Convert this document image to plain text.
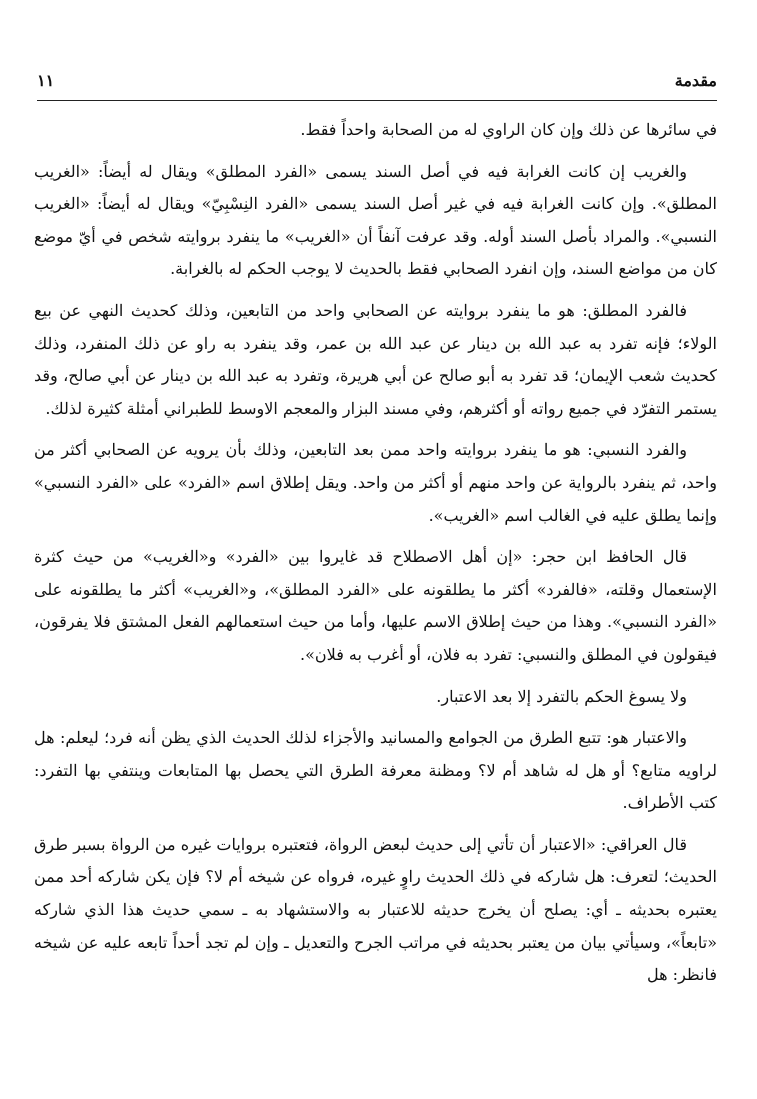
مقدمة
١١

في سائرها عن ذلك وإن كان الراوي له من الصحابة واحداً فقط.

والغريب إن كانت الغرابة فيه في أصل السند يسمى «الفرد المطلق» ويقال له أيضاً: «الغريب المطلق». وإن كانت الغرابة فيه في غير أصل السند يسمى «الفرد النِسْبِيّ» ويقال له أيضاً: «الغريب النسبي». والمراد بأصل السند أوله. وقد عرفت آنفاً أن «الغريب» ما ينفرد بروايته شخص في أيّ موضع كان من مواضع السند، وإن انفرد الصحابي فقط بالحديث لا يوجب الحكم له بالغرابة.

فالفرد المطلق: هو ما ينفرد بروايته عن الصحابي واحد من التابعين، وذلك كحديث النهي عن بيع الولاء؛ فإنه تفرد به عبد الله بن دينار عن عبد الله بن عمر، وقد ينفرد به راو عن ذلك المنفرد، وذلك كحديث شعب الإيمان؛ قد تفرد به أبو صالح عن أبي هريرة، وتفرد به عبد الله بن دينار عن أبي صالح، وقد يستمر التفرّد في جميع رواته أو أكثرهم، وفي مسند البزار والمعجم الاوسط للطبراني أمثلة كثيرة لذلك.

والفرد النسبي: هو ما ينفرد بروايته واحد ممن بعد التابعين، وذلك بأن يرويه عن الصحابي أكثر من واحد، ثم ينفرد بالرواية عن واحد منهم أو أكثر من واحد. ويقل إطلاق اسم «الفرد» على «الفرد النسبي» وإنما يطلق عليه في الغالب اسم «الغريب».

قال الحافظ ابن حجر: «إن أهل الاصطلاح قد غايروا بين «الفرد» و«الغريب» من حيث كثرة الإستعمال وقلته، «فالفرد» أكثر ما يطلقونه على «الفرد المطلق»، و«الغريب» أكثر ما يطلقونه على «الفرد النسبي». وهذا من حيث إطلاق الاسم عليها، وأما من حيث استعمالهم الفعل المشتق فلا يفرقون، فيقولون في المطلق والنسبي: تفرد به فلان، أو أغرب به فلان».

ولا يسوغ الحكم بالتفرد إلا بعد الاعتبار.

والاعتبار هو: تتبع الطرق من الجوامع والمسانيد والأجزاء لذلك الحديث الذي يظن أنه فرد؛ ليعلم: هل لراويه متابع؟ أو هل له شاهد أم لا؟ ومظنة معرفة الطرق التي يحصل بها المتابعات وينتفي بها التفرد: كتب الأطراف.

قال العراقي: «الاعتبار أن تأتي إلى حديث لبعض الرواة، فتعتبره بروايات غيره من الرواة بسبر طرق الحديث؛ لتعرف: هل شاركه في ذلك الحديث راوٍ غيره، فرواه عن شيخه أم لا؟ فإن يكن شاركه أحد ممن يعتبره بحديثه ـ أي: يصلح أن يخرج حديثه للاعتبار به والاستشهاد به ـ سمي حديث هذا الذي شاركه «تابعاً»، وسيأتي بيان من يعتبر بحديثه في مراتب الجرح والتعديل ـ وإن لم تجد أحداً تابعه عليه عن شيخه فانظر: هل
